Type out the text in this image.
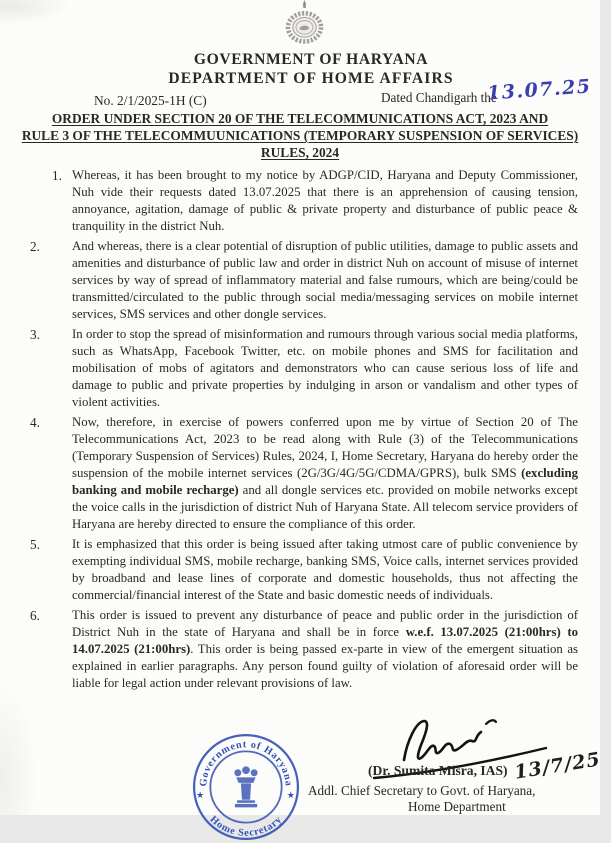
GOVERNMENT OF HARYANA
DEPARTMENT OF HOME AFFAIRS
No. 2/1/2025-1H (C)	Dated Chandigarh the
13.07.25
ORDER UNDER SECTION 20 OF THE TELECOMMUNICATIONS ACT, 2023 AND
RULE 3 OF THE TELECOMMUUNICATIONS (TEMPORARY SUSPENSION OF SERVICES)
RULES, 2024
1. Whereas, it has been brought to my notice by ADGP/CID, Haryana and Deputy Commissioner, Nuh vide their requests dated 13.07.2025 that there is an apprehension of causing tension, annoyance, agitation, damage of public & private property and disturbance of public peace & tranquility in the district Nuh.
2.	And whereas, there is a clear potential of disruption of public utilities, damage to public assets and amenities and disturbance of public law and order in district Nuh on account of misuse of internet services by way of spread of inflammatory material and false rumours, which are being/could be transmitted/circulated to the public through social media/messaging services on mobile internet services, SMS services and other dongle services.
3.	In order to stop the spread of misinformation and rumours through various social media platforms, such as WhatsApp, Facebook Twitter, etc. on mobile phones and SMS for facilitation and mobilisation of mobs of agitators and demonstrators who can cause serious loss of life and damage to public and private properties by indulging in arson or vandalism and other types of violent activities.
4.	Now, therefore, in exercise of powers conferred upon me by virtue of Section 20 of The Telecommunications Act, 2023 to be read along with Rule (3) of the Telecommunications (Temporary Suspension of Services) Rules, 2024, I, Home Secretary, Haryana do hereby order the suspension of the mobile internet services (2G/3G/4G/5G/CDMA/GPRS), bulk SMS (excluding banking and mobile recharge) and all dongle services etc. provided on mobile networks except the voice calls in the jurisdiction of district Nuh of Haryana State. All telecom service providers of Haryana are hereby directed to ensure the compliance of this order.
5.	It is emphasized that this order is being issued after taking utmost care of public convenience by exempting individual SMS, mobile recharge, banking SMS, Voice calls, internet services provided by broadband and lease lines of corporate and domestic households, thus not affecting the commercial/financial interest of the State and basic domestic needs of individuals.
6.	This order is issued to prevent any disturbance of peace and public order in the jurisdiction of District Nuh in the state of Haryana and shall be in force w.e.f. 13.07.2025 (21:00hrs) to 14.07.2025 (21:00hrs). This order is being passed ex-parte in view of the emergent situation as explained in earlier paragraphs. Any person found guilty of violation of aforesaid order will be liable for legal action under relevant provisions of law.
Government of Haryana
Home Secretary
★	★
(Dr. Sumita Misra, IAS) 13/7/25
Addl. Chief Secretary to Govt. of Haryana,
Home Department
